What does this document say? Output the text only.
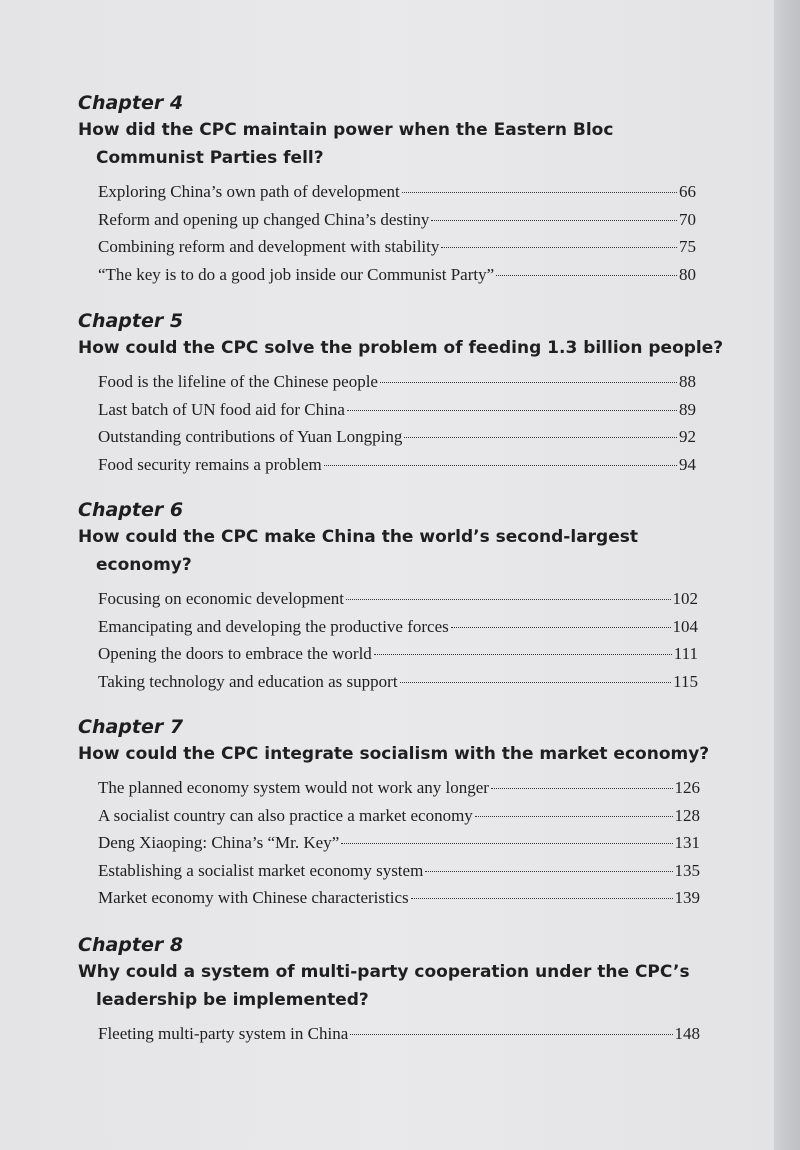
Chapter 4
How did the CPC maintain power when the Eastern Bloc Communist Parties fell?
Exploring China’s own path of development	66
Reform and opening up changed China’s destiny	70
Combining reform and development with stability	75
“The key is to do a good job inside our Communist Party”	80
Chapter 5
How could the CPC solve the problem of feeding 1.3 billion people?
Food is the lifeline of the Chinese people	88
Last batch of UN food aid for China	89
Outstanding contributions of Yuan Longping	92
Food security remains a problem	94
Chapter 6
How could the CPC make China the world’s second-largest economy?
Focusing on economic development	102
Emancipating and developing the productive forces	104
Opening the doors to embrace the world	111
Taking technology and education as support	115
Chapter 7
How could the CPC integrate socialism with the market economy?
The planned economy system would not work any longer	126
A socialist country can also practice a market economy	128
Deng Xiaoping: China’s “Mr. Key”	131
Establishing a socialist market economy system	135
Market economy with Chinese characteristics	139
Chapter 8
Why could a system of multi-party cooperation under the CPC’s leadership be implemented?
Fleeting multi-party system in China	148
